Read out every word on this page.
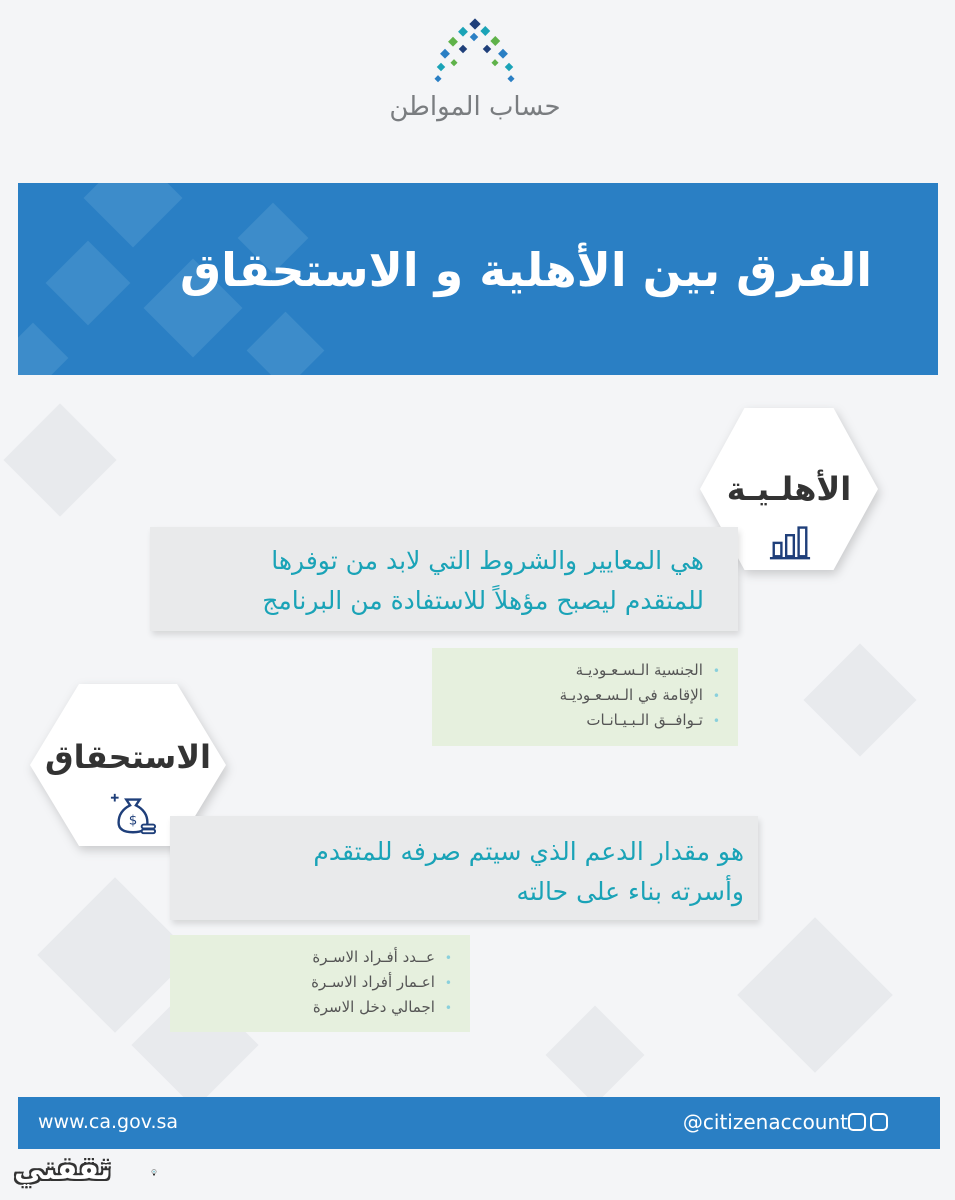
حساب المواطن
الفرق بين الأهلية و الاستحقاق
الأهلـيـة

هي المعايير والشروط التي لابد من توفرها

للمتقدم ليصبح مؤهلاً للاستفادة من البرنامج

• الجنسية الـسـعـوديـة
• الإقامة في الـسـعـوديـة
• تـوافــق الـبـيـانـات
الاستحقاق
$

هو مقدار الدعم الذي سيتم صرفه للمتقدم

وأسرته بناء على حالته

• عــدد أفـراد الاسـرة
• اعـمار أفراد الاسـرة
• اجمالي دخل الاسرة
www.ca.gov.sa	@citizenaccount
ثقفني
